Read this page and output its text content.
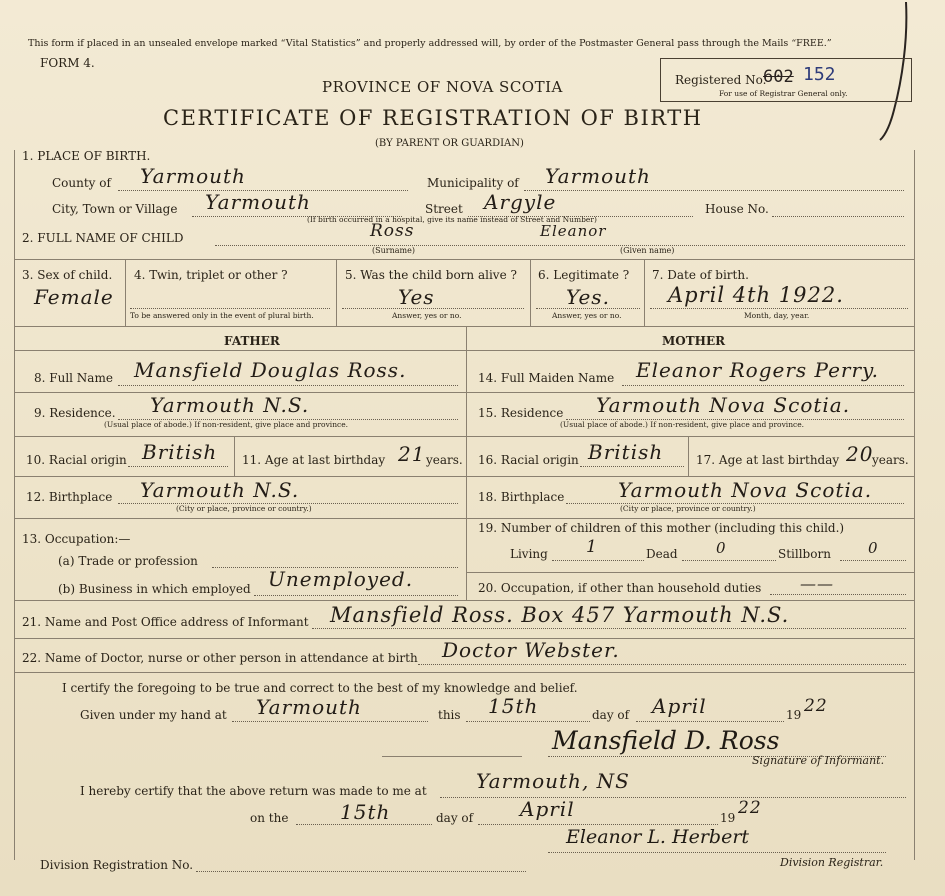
This form if placed in an unsealed envelope marked “Vital Statistics” and properly addressed will, by order of the Postmaster General pass through the Mails “FREE.”
FORM 4.
PROVINCE OF NOVA SCOTIA
CERTIFICATE OF REGISTRATION OF BIRTH
(BY PARENT OR GUARDIAN)
Registered No.
602 152
For use of Registrar General only.
1. PLACE OF BIRTH.
County of Yarmouth	Municipality of Yarmouth
City, Town or Village Yarmouth	Street Argyle
(If birth occurred in a hospital, give its name instead of Street and Number)
House No.
2. FULL NAME OF CHILD	Ross	Eleanor
(Surname)	(Given name)
3. Sex of child.
Female
4. Twin, triplet or other ?
To be answered only in the event of plural birth.
5. Was the child born alive ?
Yes
Answer, yes or no.
6. Legitimate ?
Yes.
Answer, yes or no.
7. Date of birth.
April 4th 1922.
Month, day, year.
FATHER	MOTHER
8. Full Name Mansfield Douglas Ross.
9. Residence. Yarmouth N.S.
(Usual place of abode.) If non-resident, give place and province.
10. Racial origin British 11. Age at last birthday 21 years.
12. Birthplace Yarmouth N.S.
(City or place, province or country.)
13. Occupation:—
(a) Trade or profession
(b) Business in which employed Unemployed.
14. Full Maiden Name Eleanor Rogers Perry.
15. Residence Yarmouth Nova Scotia.
(Usual place of abode.) If non-resident, give place and province.
16. Racial origin British	17. Age at last birthday 20
years.
18. Birthplace	Yarmouth Nova Scotia.
(City or place, province or country.)
19. Number of children of this mother (including this child.)
Living 1	Dead	0	Stillborn 0
20. Occupation, if other than household duties ——
21. Name and Post Office address of Informant Mansfield Ross. Box 457 Yarmouth N.S.
22. Name of Doctor, nurse or other person in attendance at birth Doctor Webster.
I certify the foregoing to be true and correct to the best of my knowledge and belief.
Given under my hand at Yarmouth	this 15th	day of April	19 22
Mansfield D. Ross
Signature of Informant.
I hereby certify that the above return was made to me at Yarmouth, NS
on the	15th	day of April	19 22
Eleanor L. Herbert
Division Registration No.	Division Registrar.
